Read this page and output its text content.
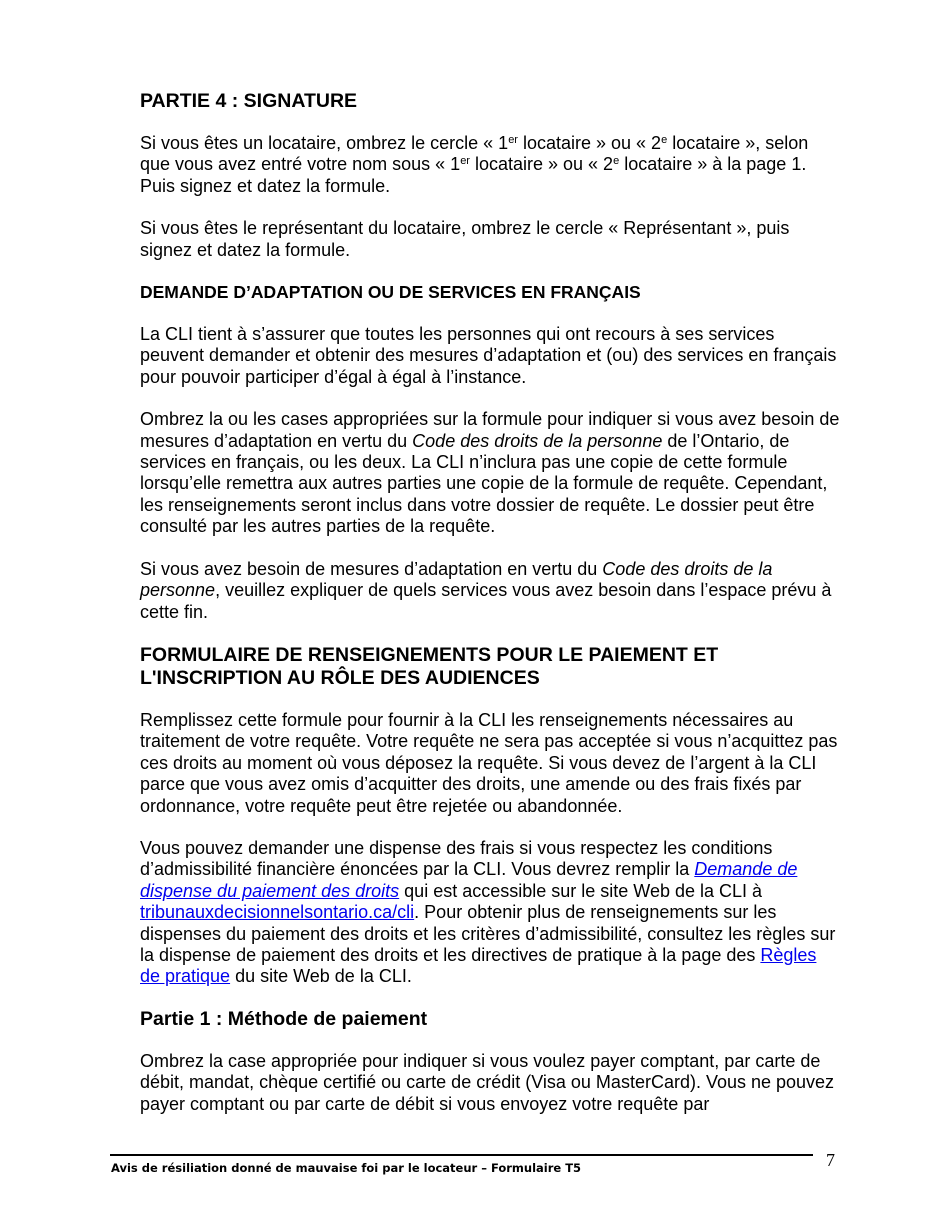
PARTIE 4 : SIGNATURE

Si vous êtes un locataire, ombrez le cercle « 1er locataire » ou « 2e locataire », selon que vous avez entré votre nom sous « 1er locataire » ou « 2e locataire » à la page 1. Puis signez et datez la formule.

Si vous êtes le représentant du locataire, ombrez le cercle « Représentant », puis signez et datez la formule.

DEMANDE D’ADAPTATION OU DE SERVICES EN FRANÇAIS

La CLI tient à s’assurer que toutes les personnes qui ont recours à ses services peuvent demander et obtenir des mesures d’adaptation et (ou) des services en français pour pouvoir participer d’égal à égal à l’instance.

Ombrez la ou les cases appropriées sur la formule pour indiquer si vous avez besoin de mesures d’adaptation en vertu du Code des droits de la personne de l’Ontario, de services en français, ou les deux. La CLI n’inclura pas une copie de cette formule lorsqu’elle remettra aux autres parties une copie de la formule de requête. Cependant, les renseignements seront inclus dans votre dossier de requête. Le dossier peut être consulté par les autres parties de la requête.

Si vous avez besoin de mesures d’adaptation en vertu du Code des droits de la personne, veuillez expliquer de quels services vous avez besoin dans l’espace prévu à cette fin.

FORMULAIRE DE RENSEIGNEMENTS POUR LE PAIEMENT ET
L'INSCRIPTION AU RÔLE DES AUDIENCES

Remplissez cette formule pour fournir à la CLI les renseignements nécessaires au traitement de votre requête. Votre requête ne sera pas acceptée si vous n’acquittez pas ces droits au moment où vous déposez la requête. Si vous devez de l’argent à la CLI parce que vous avez omis d’acquitter des droits, une amende ou des frais fixés par ordonnance, votre requête peut être rejetée ou abandonnée.

Vous pouvez demander une dispense des frais si vous respectez les conditions d’admissibilité financière énoncées par la CLI. Vous devrez remplir la Demande de dispense du paiement des droits qui est accessible sur le site Web de la CLI à tribunauxdecisionnelsontario.ca/cli. Pour obtenir plus de renseignements sur les dispenses du paiement des droits et les critères d’admissibilité, consultez les règles sur la dispense de paiement des droits et les directives de pratique à la page des Règles de pratique du site Web de la CLI.

Partie 1 : Méthode de paiement

Ombrez la case appropriée pour indiquer si vous voulez payer comptant, par carte de débit, mandat, chèque certifié ou carte de crédit (Visa ou MasterCard). Vous ne pouvez payer comptant ou par carte de débit si vous envoyez votre requête par

Avis de résiliation donné de mauvaise foi par le locateur – Formulaire T5	7
